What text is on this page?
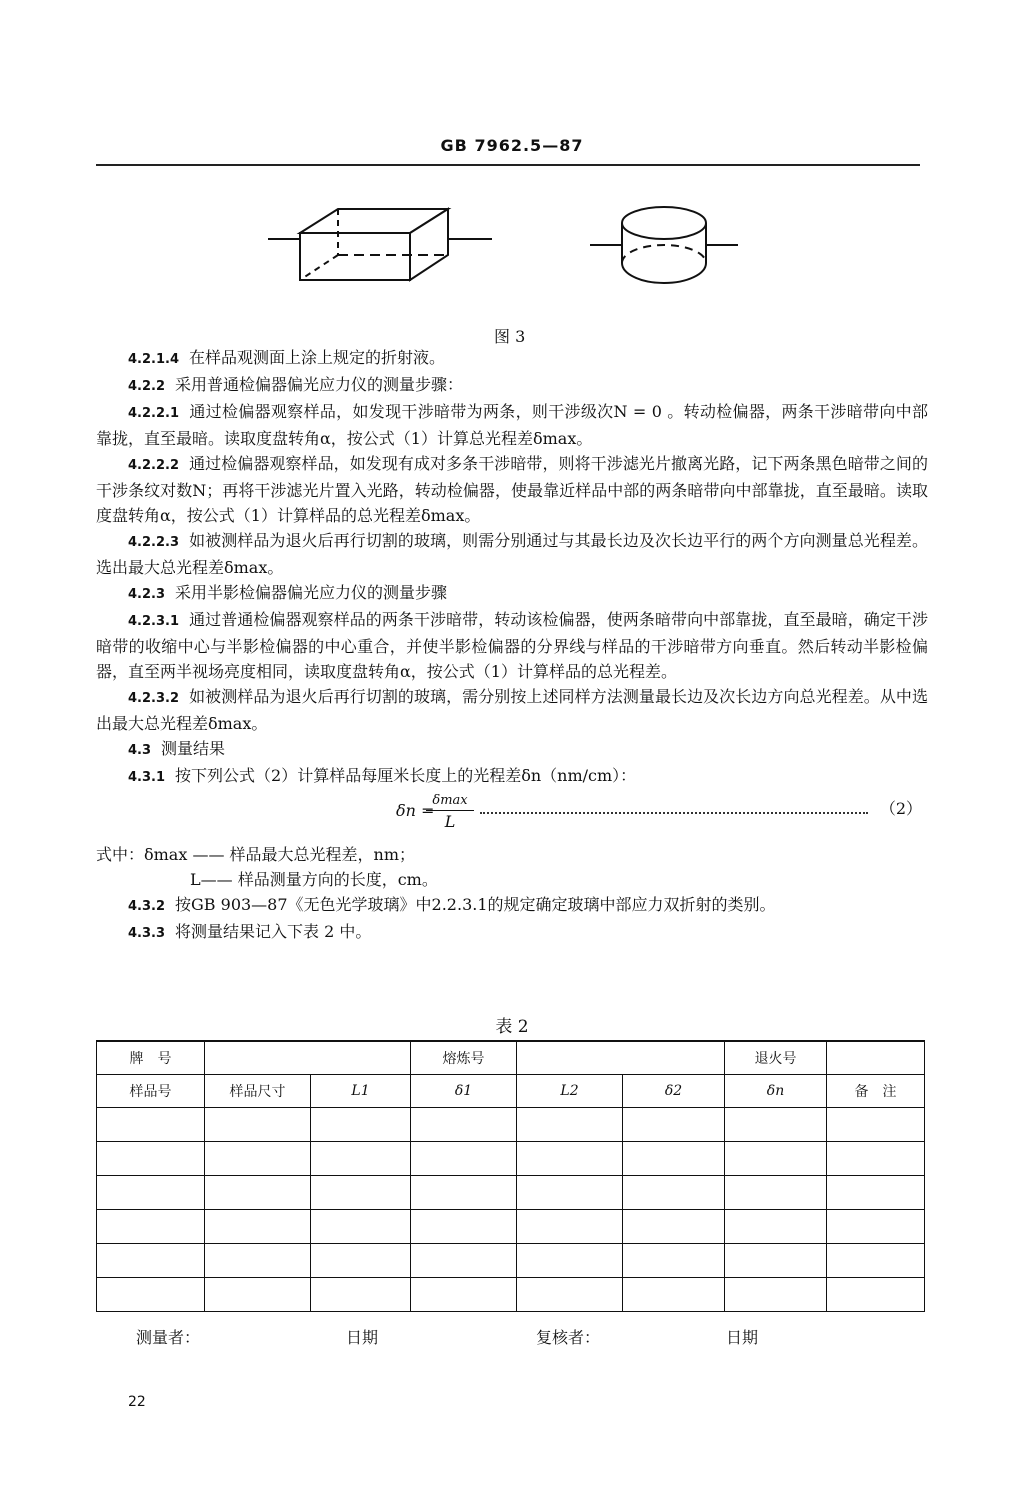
GB 7962.5—87
图 3

4.2.1.4 在样品观测面上涂上规定的折射液。

4.2.2 采用普通检偏器偏光应力仪的测量步骤：

4.2.2.1 通过检偏器观察样品，如发现干涉暗带为两条，则干涉级次N = 0 。转动检偏器，两条干涉暗带向中部靠拢，直至最暗。读取度盘转角α，按公式（1）计算总光程差δmax。

4.2.2.2 通过检偏器观察样品，如发现有成对多条干涉暗带，则将干涉滤光片撤离光路，记下两条黑色暗带之间的干涉条纹对数N；再将干涉滤光片置入光路，转动检偏器，使最靠近样品中部的两条暗带向中部靠拢，直至最暗。读取度盘转角α，按公式（1）计算样品的总光程差δmax。

4.2.2.3 如被测样品为退火后再行切割的玻璃，则需分别通过与其最长边及次长边平行的两个方向测量总光程差。选出最大总光程差δmax。

4.2.3 采用半影检偏器偏光应力仪的测量步骤

4.2.3.1 通过普通检偏器观察样品的两条干涉暗带，转动该检偏器，使两条暗带向中部靠拢，直至最暗，确定干涉暗带的收缩中心与半影检偏器的中心重合，并使半影检偏器的分界线与样品的干涉暗带方向垂直。然后转动半影检偏器，直至两半视场亮度相同，读取度盘转角α，按公式（1）计算样品的总光程差。

4.2.3.2 如被测样品为退火后再行切割的玻璃，需分别按上述同样方法测量最长边及次长边方向总光程差。从中选出最大总光程差δmax。

4.3 测量结果

4.3.1 按下列公式（2）计算样品每厘米长度上的光程差δn（nm/cm）：

δn =
δmax
L
（2）

式中：δmax —— 样品最大总光程差，nm；

L—— 样品测量方向的长度，cm。

4.3.2 按GB 903—87《无色光学玻璃》中2.2.3.1的规定确定玻璃中部应力双折射的类别。

4.3.3 将测量结果记入下表 2 中。

表 2
牌　号			熔炼号			退火号	
样品号	样品尺寸	L1	δ1	L2	δ2	δn	备　注

测量者：	日期	复核者：	日期
22
